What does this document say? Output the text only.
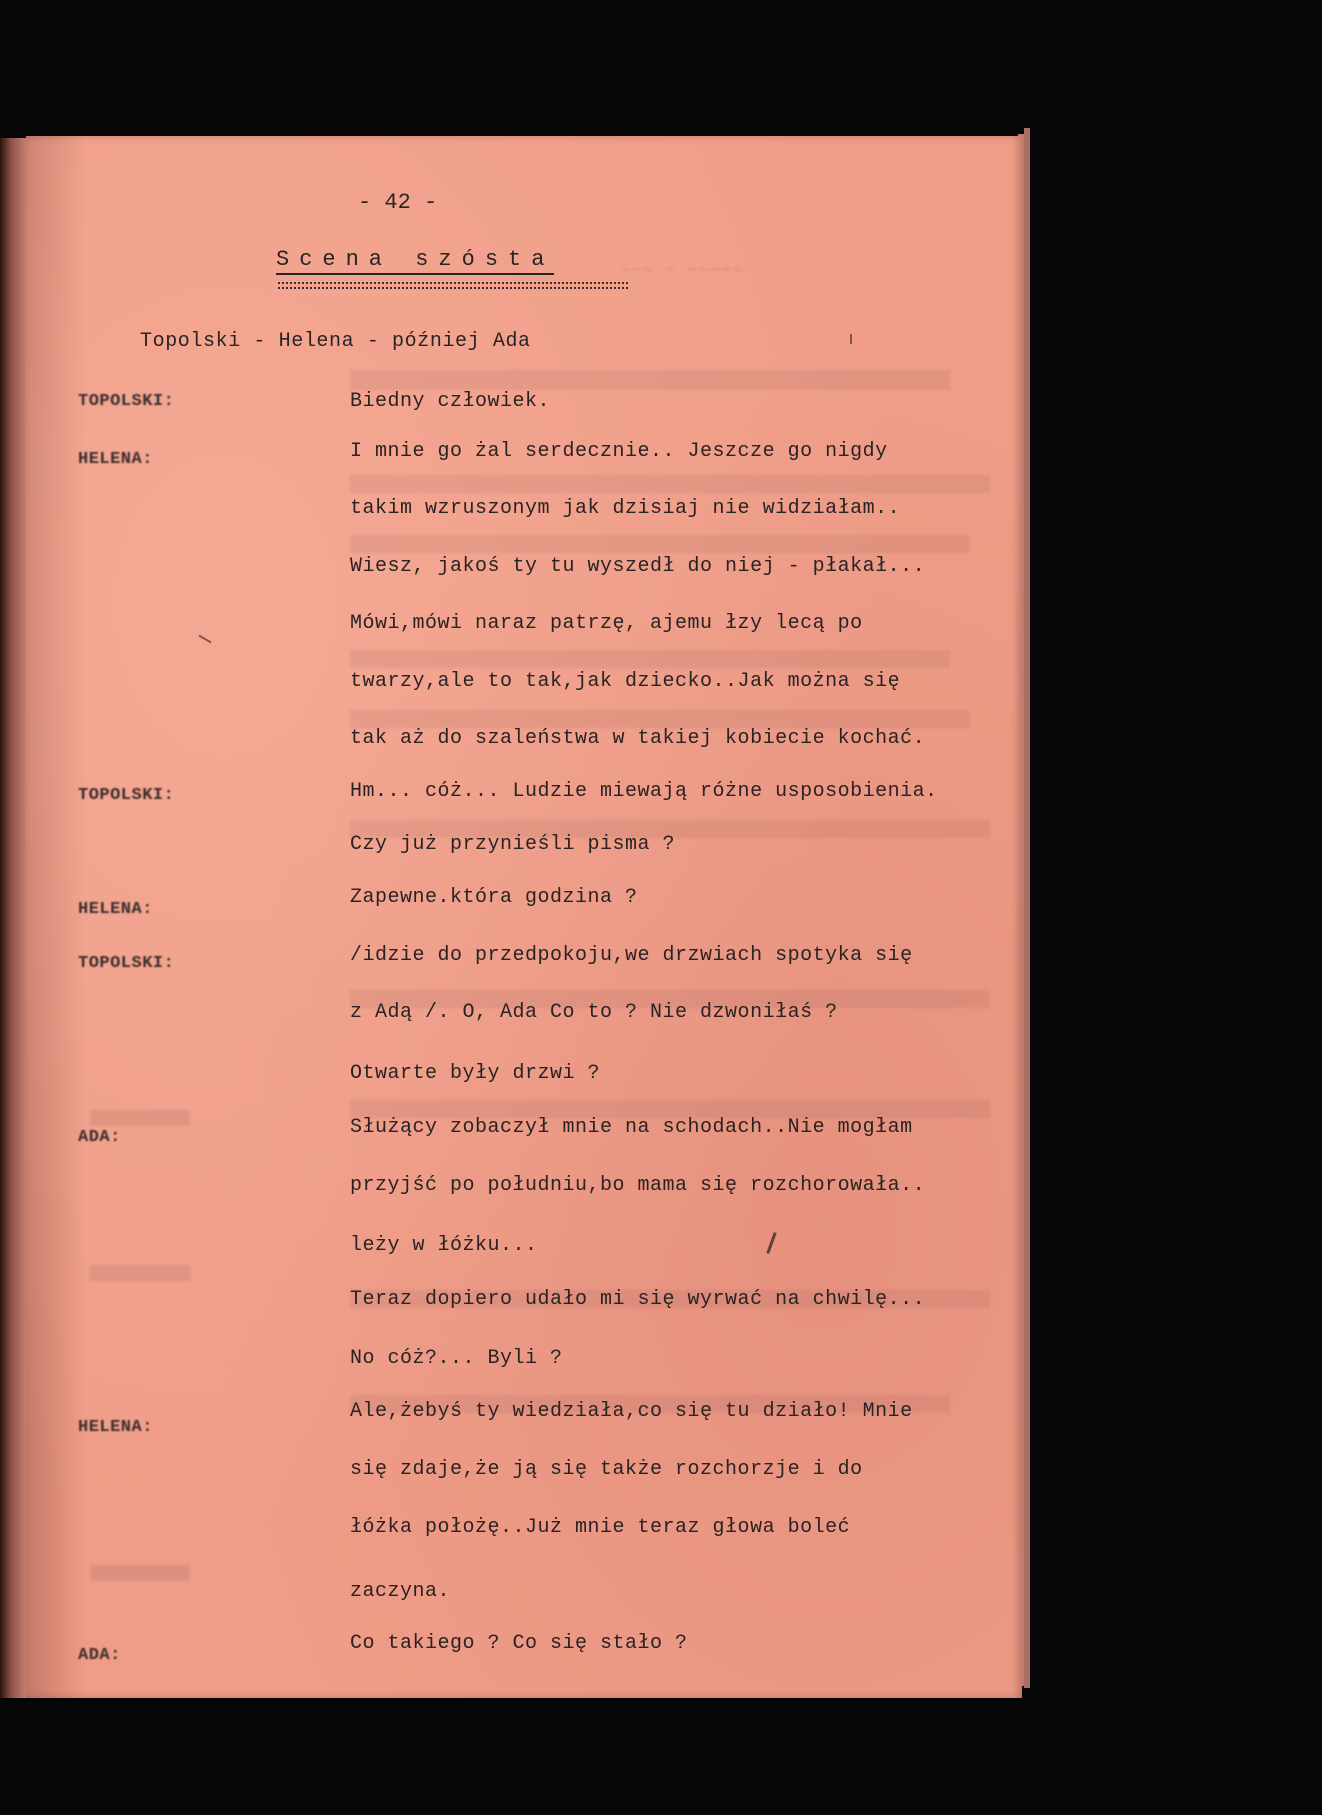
~~~ ~ ~~~~~
- 42 -
Scena szósta
Topolski - Helena - później Ada
TOPOLSKI:
HELENA:
TOPOLSKI:
HELENA:
TOPOLSKI:
ADA:
HELENA:
ADA:
Biedny człowiek.
I mnie go żal serdecznie.. Jeszcze go nigdy
takim wzruszonym jak dzisiaj nie widziałam..
Wiesz, jakoś ty tu wyszedł do niej - płakał...
Mówi,mówi naraz patrzę, ajemu łzy lecą po
twarzy,ale to tak,jak dziecko..Jak można się
tak aż do szaleństwa w takiej kobiecie kochać.
Hm... cóż... Ludzie miewają różne usposobienia.
Czy już przynieśli pisma ?
Zapewne.która godzina ?
/idzie do przedpokoju,we drzwiach spotyka się
z Adą /. O, Ada Co to ? Nie dzwoniłaś ?
Otwarte były drzwi ?
Służący zobaczył mnie na schodach..Nie mogłam
przyjść po południu,bo mama się rozchorowała..
leży w łóżku...
Teraz dopiero udało mi się wyrwać na chwilę...
No cóż?... Byli ?
Ale,żebyś ty wiedziała,co się tu działo! Mnie
się zdaje,że ją się także rozchorzje i do
łóżka położę..Już mnie teraz głowa boleć
zaczyna.
Co takiego ? Co się stało ?
